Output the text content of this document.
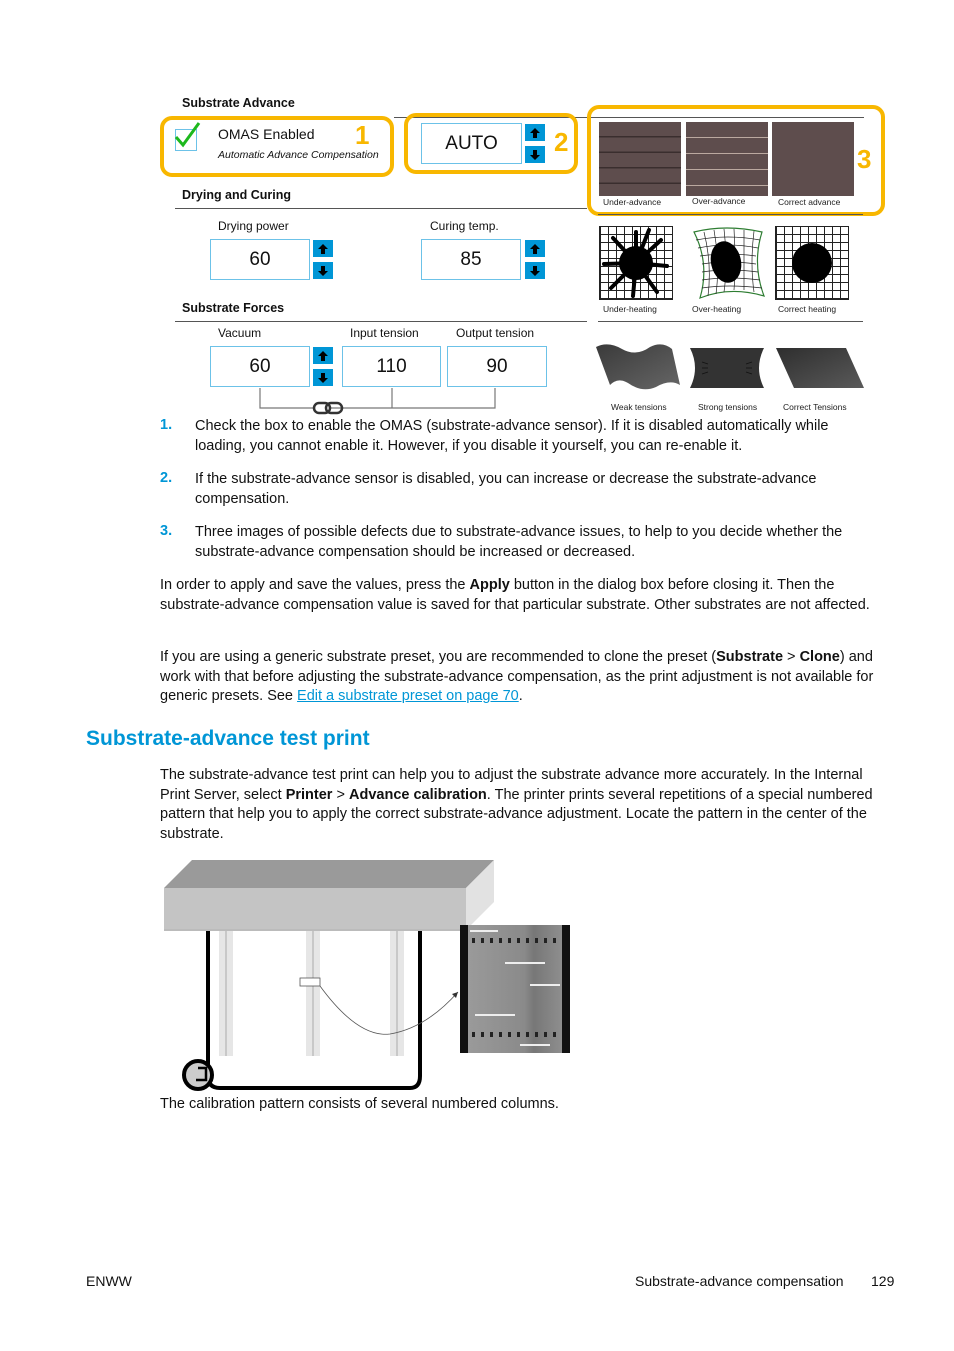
Substrate Advance
OMAS Enabled
Automatic Advance Compensation
1	AUTO	2
Under-advance	Over-advance	Correct advance
3
Drying and Curing
Drying power
60
Curing temp.
85
Under-heating	Over-heating	Correct heating
Substrate Forces
Vacuum
60
Input tension
110
Output tension
90
Weak tensions	Strong tensions	Correct Tensions
1. Check the box to enable the OMAS (substrate-advance sensor). If it is disabled automatically while loading, you cannot enable it. However, if you disable it yourself, you can re-enable it.
2. If the substrate-advance sensor is disabled, you can increase or decrease the substrate-advance compensation.
3. Three images of possible defects due to substrate-advance issues, to help to you decide whether the substrate-advance compensation should be increased or decreased.
In order to apply and save the values, press the Apply button in the dialog box before closing it. Then the substrate-advance compensation value is saved for that particular substrate. Other substrates are not affected.
If you are using a generic substrate preset, you are recommended to clone the preset (Substrate > Clone) and work with that before adjusting the substrate-advance compensation, as the print adjustment is not available for generic presets. See Edit a substrate preset on page 70.
Substrate-advance test print
The substrate-advance test print can help you to adjust the substrate advance more accurately. In the Internal Print Server, select Printer > Advance calibration. The printer prints several repetitions of a special numbered pattern that help you to apply the correct substrate-advance adjustment. Locate the pattern in the center of the substrate.
The calibration pattern consists of several numbered columns.
ENWW	Substrate-advance compensation 129
